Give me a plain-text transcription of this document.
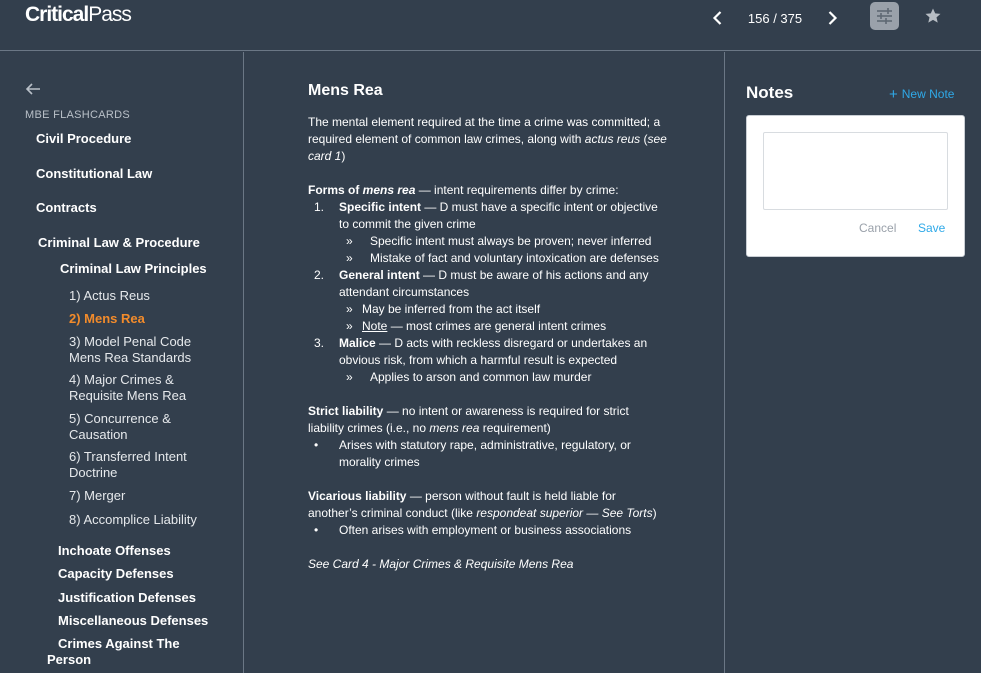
CriticalPass	156 / 375
MBE FLASHCARDS
Civil Procedure
Constitutional Law
Contracts
Criminal Law & Procedure
Criminal Law Principles
1) Actus Reus
2) Mens Rea
3) Model Penal Code Mens Rea Standards
4) Major Crimes & Requisite Mens Rea
5) Concurrence & Causation
6) Transferred Intent Doctrine
7) Merger
8) Accomplice Liability
Inchoate Offenses
Capacity Defenses
Justification Defenses
Miscellaneous Defenses
Crimes Against The Person
Mens Rea

The mental element required at the time a crime was committed; a required element of common law crimes, along with actus reus (see card 1)

Forms of mens rea — intent requirements differ by crime:

1. Specific intent — D must have a specific intent or objective to commit the given crime
» Specific intent must always be proven; never inferred
» Mistake of fact and voluntary intoxication are defenses
2. General intent — D must be aware of his actions and any attendant circumstances
» May be inferred from the act itself
» Note — most crimes are general intent crimes
3. Malice — D acts with reckless disregard or undertakes an obvious risk, from which a harmful result is expected
» Applies to arson and common law murder

Strict liability — no intent or awareness is required for strict liability crimes (i.e., no mens rea requirement)

• Arises with statutory rape, administrative, regulatory, or morality crimes

Vicarious liability — person without fault is held liable for another’s criminal conduct (like respondeat superior — See Torts)

• Often arises with employment or business associations

See Card 4 - Major Crimes & Requisite Mens Rea

Notes	+ New Note
Cancel Save
